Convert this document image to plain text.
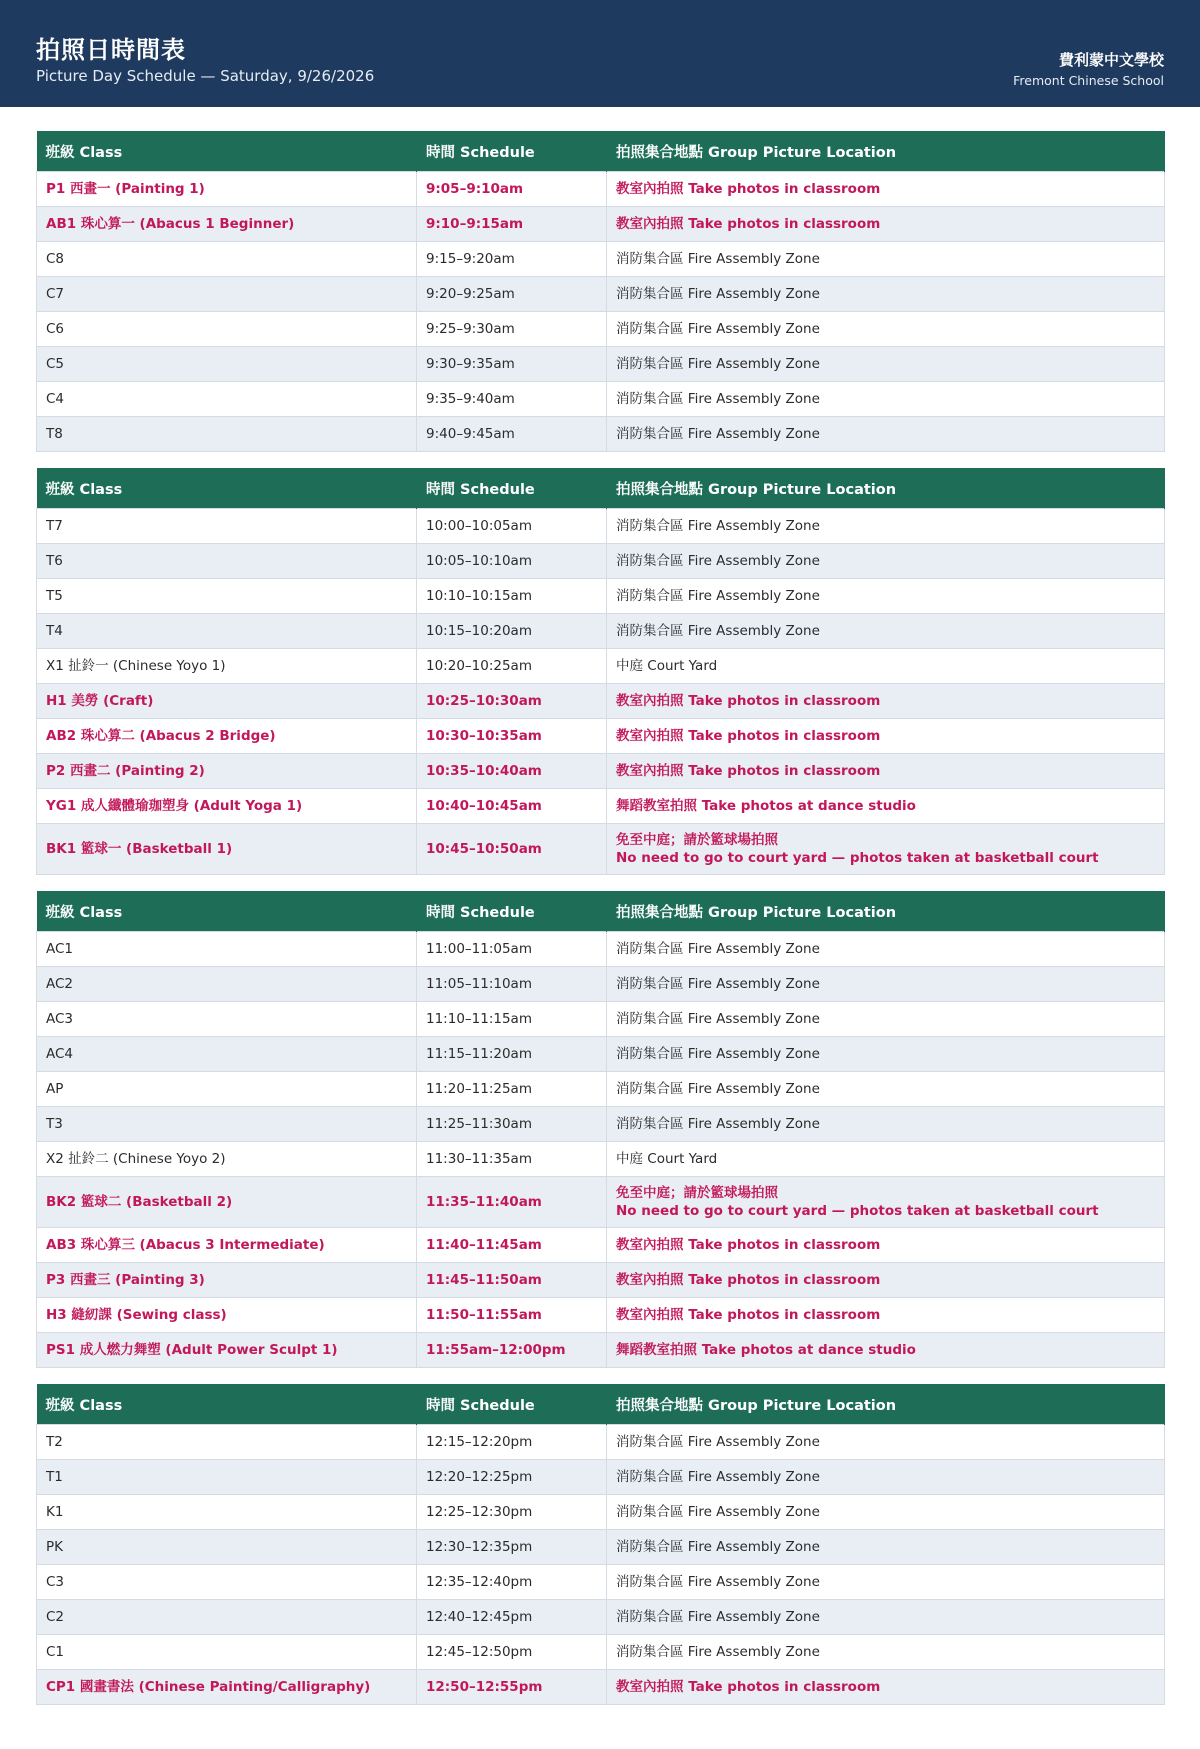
拍照日時間表
Picture Day Schedule — Saturday, 9/26/2026
費利蒙中文學校
Fremont Chinese School
班級 Class	時間 Schedule	拍照集合地點 Group Picture Location
P1 西畫一 (Painting 1)	9:05–9:10am	教室內拍照 Take photos in classroom

AB1 珠心算一 (Abacus 1 Beginner)	9:10–9:15am	教室內拍照 Take photos in classroom

C8	9:15–9:20am	消防集合區 Fire Assembly Zone

C7	9:20–9:25am	消防集合區 Fire Assembly Zone

C6	9:25–9:30am	消防集合區 Fire Assembly Zone

C5	9:30–9:35am	消防集合區 Fire Assembly Zone

C4	9:35–9:40am	消防集合區 Fire Assembly Zone

T8	9:40–9:45am	消防集合區 Fire Assembly Zone
班級 Class	時間 Schedule	拍照集合地點 Group Picture Location
T7	10:00–10:05am	消防集合區 Fire Assembly Zone

T6	10:05–10:10am	消防集合區 Fire Assembly Zone

T5	10:10–10:15am	消防集合區 Fire Assembly Zone

T4	10:15–10:20am	消防集合區 Fire Assembly Zone

X1 扯鈴一 (Chinese Yoyo 1)	10:20–10:25am	中庭 Court Yard

H1 美勞 (Craft)	10:25–10:30am	教室內拍照 Take photos in classroom

AB2 珠心算二 (Abacus 2 Bridge)	10:30–10:35am	教室內拍照 Take photos in classroom

P2 西畫二 (Painting 2)	10:35–10:40am	教室內拍照 Take photos in classroom

YG1 成人纖體瑜珈塑身 (Adult Yoga 1)	10:40–10:45am	舞蹈教室拍照 Take photos at dance studio

BK1 籃球一 (Basketball 1)	10:45–10:50am	免至中庭；請於籃球場拍照
No need to go to court yard — photos taken at basketball court
班級 Class	時間 Schedule	拍照集合地點 Group Picture Location
AC1	11:00–11:05am	消防集合區 Fire Assembly Zone

AC2	11:05–11:10am	消防集合區 Fire Assembly Zone

AC3	11:10–11:15am	消防集合區 Fire Assembly Zone

AC4	11:15–11:20am	消防集合區 Fire Assembly Zone

AP	11:20–11:25am	消防集合區 Fire Assembly Zone

T3	11:25–11:30am	消防集合區 Fire Assembly Zone

X2 扯鈴二 (Chinese Yoyo 2)	11:30–11:35am	中庭 Court Yard

BK2 籃球二 (Basketball 2)	11:35–11:40am	免至中庭；請於籃球場拍照
No need to go to court yard — photos taken at basketball court

AB3 珠心算三 (Abacus 3 Intermediate)	11:40–11:45am	教室內拍照 Take photos in classroom

P3 西畫三 (Painting 3)	11:45–11:50am	教室內拍照 Take photos in classroom

H3 縫紉課 (Sewing class)	11:50–11:55am	教室內拍照 Take photos in classroom

PS1 成人燃力舞塑 (Adult Power Sculpt 1)	11:55am–12:00pm	舞蹈教室拍照 Take photos at dance studio
班級 Class	時間 Schedule	拍照集合地點 Group Picture Location
T2	12:15–12:20pm	消防集合區 Fire Assembly Zone

T1	12:20–12:25pm	消防集合區 Fire Assembly Zone

K1	12:25–12:30pm	消防集合區 Fire Assembly Zone

PK	12:30–12:35pm	消防集合區 Fire Assembly Zone

C3	12:35–12:40pm	消防集合區 Fire Assembly Zone

C2	12:40–12:45pm	消防集合區 Fire Assembly Zone

C1	12:45–12:50pm	消防集合區 Fire Assembly Zone

CP1 國畫書法 (Chinese Painting/Calligraphy)	12:50–12:55pm	教室內拍照 Take photos in classroom
